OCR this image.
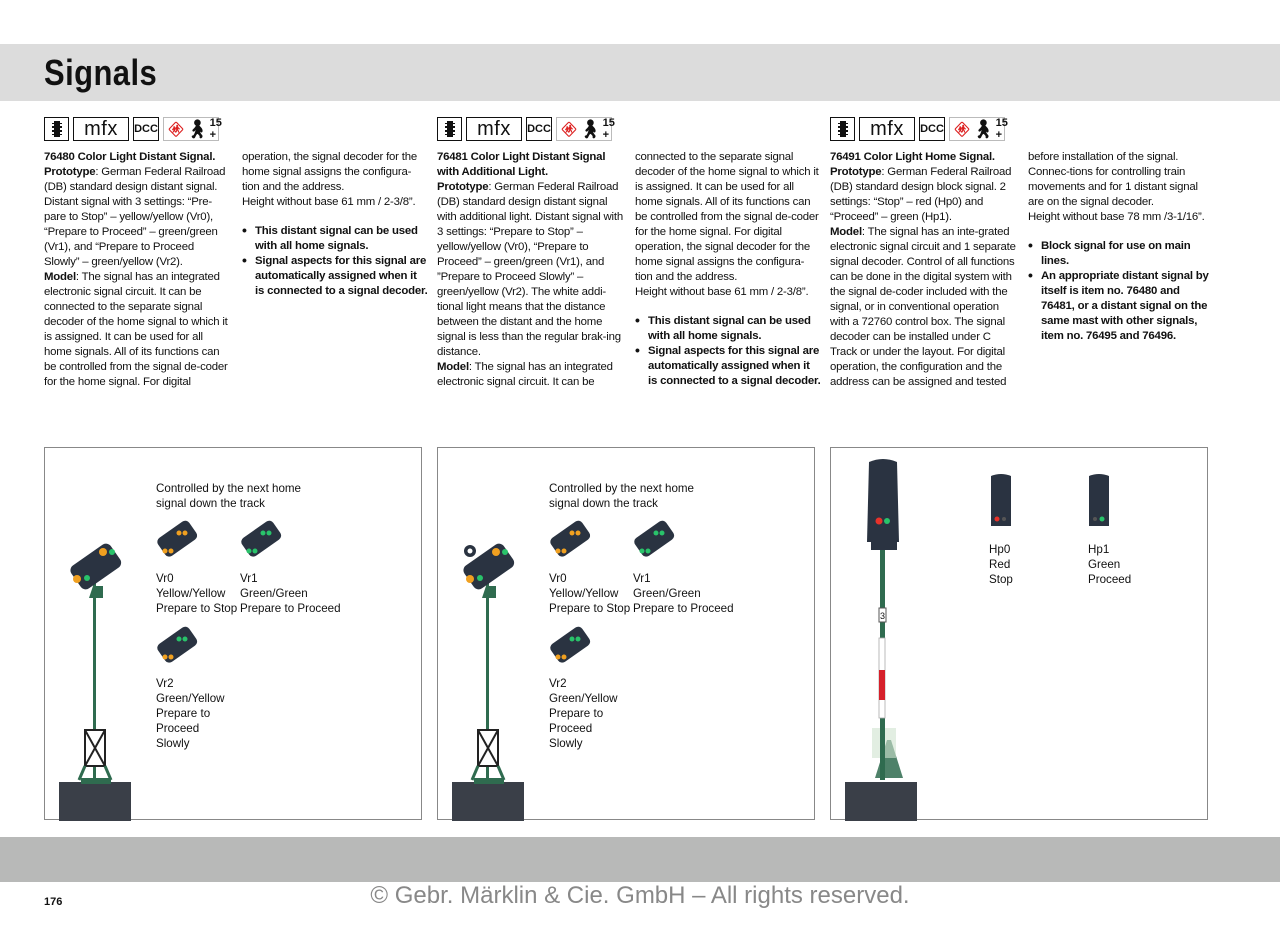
Signals
mfx	DCC 🚸︎ 🚶︎ 15 +	mfx	DCC 🚸︎ 🚶︎ 15 +	mfx	DCC 🚸︎ 🚶︎ 15 +

76480 Color Light Distant Signal.

Prototype: German Federal Railroad (DB) standard design distant signal. Distant signal with 3 settings: “Pre-pare to Stop” – yellow/yellow (Vr0), “Prepare to Proceed” – green/green (Vr1), and “Prepare to Proceed Slowly” – green/yellow (Vr2).

Model: The signal has an integrated electronic signal circuit. It can be connected to the separate signal decoder of the home signal to which it is assigned. It can be used for all home signals. All of its functions can be controlled from the signal de-coder for the home signal. For digital operation, the signal decoder for the home signal assigns the configura-tion and the address.

Height without base 61 mm / 2-3/8”.

• This distant signal can be used with all home signals.
• Signal aspects for this signal are automatically assigned when it is connected to a signal decoder.

76481 Color Light Distant Signal

with Additional Light.

Prototype: German Federal Railroad (DB) standard design distant signal with additional light. Distant signal with 3 settings: “Prepare to Stop” – yellow/yellow (Vr0), “Prepare to Proceed” – green/green (Vr1), and ”Prepare to Proceed Slowly” – green/yellow (Vr2). The white addi-tional light means that the distance between the distant and the home signal is less than the regular brak-ing distance.

Model: The signal has an integrated electronic signal circuit. It can be connected to the separate signal decoder of the home signal to which it is assigned. It can be used for all home signals. All of its functions can be controlled from the signal de-coder for the home signal. For digital operation, the signal decoder for the home signal assigns the configura-tion and the address.

Height without base 61 mm / 2-3/8”.

• This distant signal can be used with all home signals.
• Signal aspects for this signal are automatically assigned when it is connected to a signal decoder.

76491 Color Light Home Signal.

Prototype: German Federal Railroad (DB) standard design block signal. 2 settings: “Stop” – red (Hp0) and “Proceed” – green (Hp1).

Model: The signal has an inte-grated electronic signal circuit and 1 separate signal decoder. Control of all functions can be done in the digital system with the signal de-coder included with the signal, or in conventional operation with a 72760 control box. The signal decoder can be installed under C Track or under the layout. For digital operation, the configuration and the address can be assigned and tested before installation of the signal. Connec-tions for controlling train movements and for 1 distant signal are on the signal decoder.

Height without base 78 mm /3-1/16”.

• Block signal for use on main lines.
• An appropriate distant signal by itself is item no. 76480 and 76481, or a distant signal on the same mast with other signals, item no. 76495 and 76496.
Controlled by the next home
signal down the track
Vr0
Yellow/Yellow
Prepare to Stop
Vr1
Green/Green
Prepare to Proceed
Vr2
Green/Yellow
Prepare to
Proceed
Slowly
Controlled by the next home
signal down the track
Vr0
Yellow/Yellow
Prepare to Stop
Vr1
Green/Green
Prepare to Proceed
Vr2
Green/Yellow
Prepare to
Proceed
Slowly
3
Hp0
Red
Stop
Hp1
Green
Proceed
176	© Gebr. Märklin & Cie. GmbH – All rights reserved.
